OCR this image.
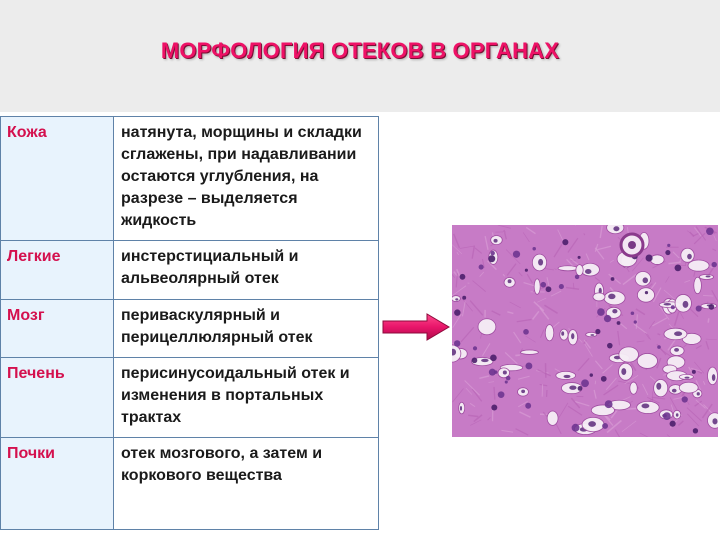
МОРФОЛОГИЯ ОТЕКОВ В ОРГАНАХ
Кожа	натянута, морщины и складки сглажены, при надавливании остаются углубления, на разрезе – выделяется жидкость
Легкие	инстерстициальный и альвеолярный отек
Мозг	периваскулярный и перицеллюлярный отек
Печень	перисинусоидальный отек и изменения в портальных трактах
Почки	отек мозгового, а затем и коркового вещества
